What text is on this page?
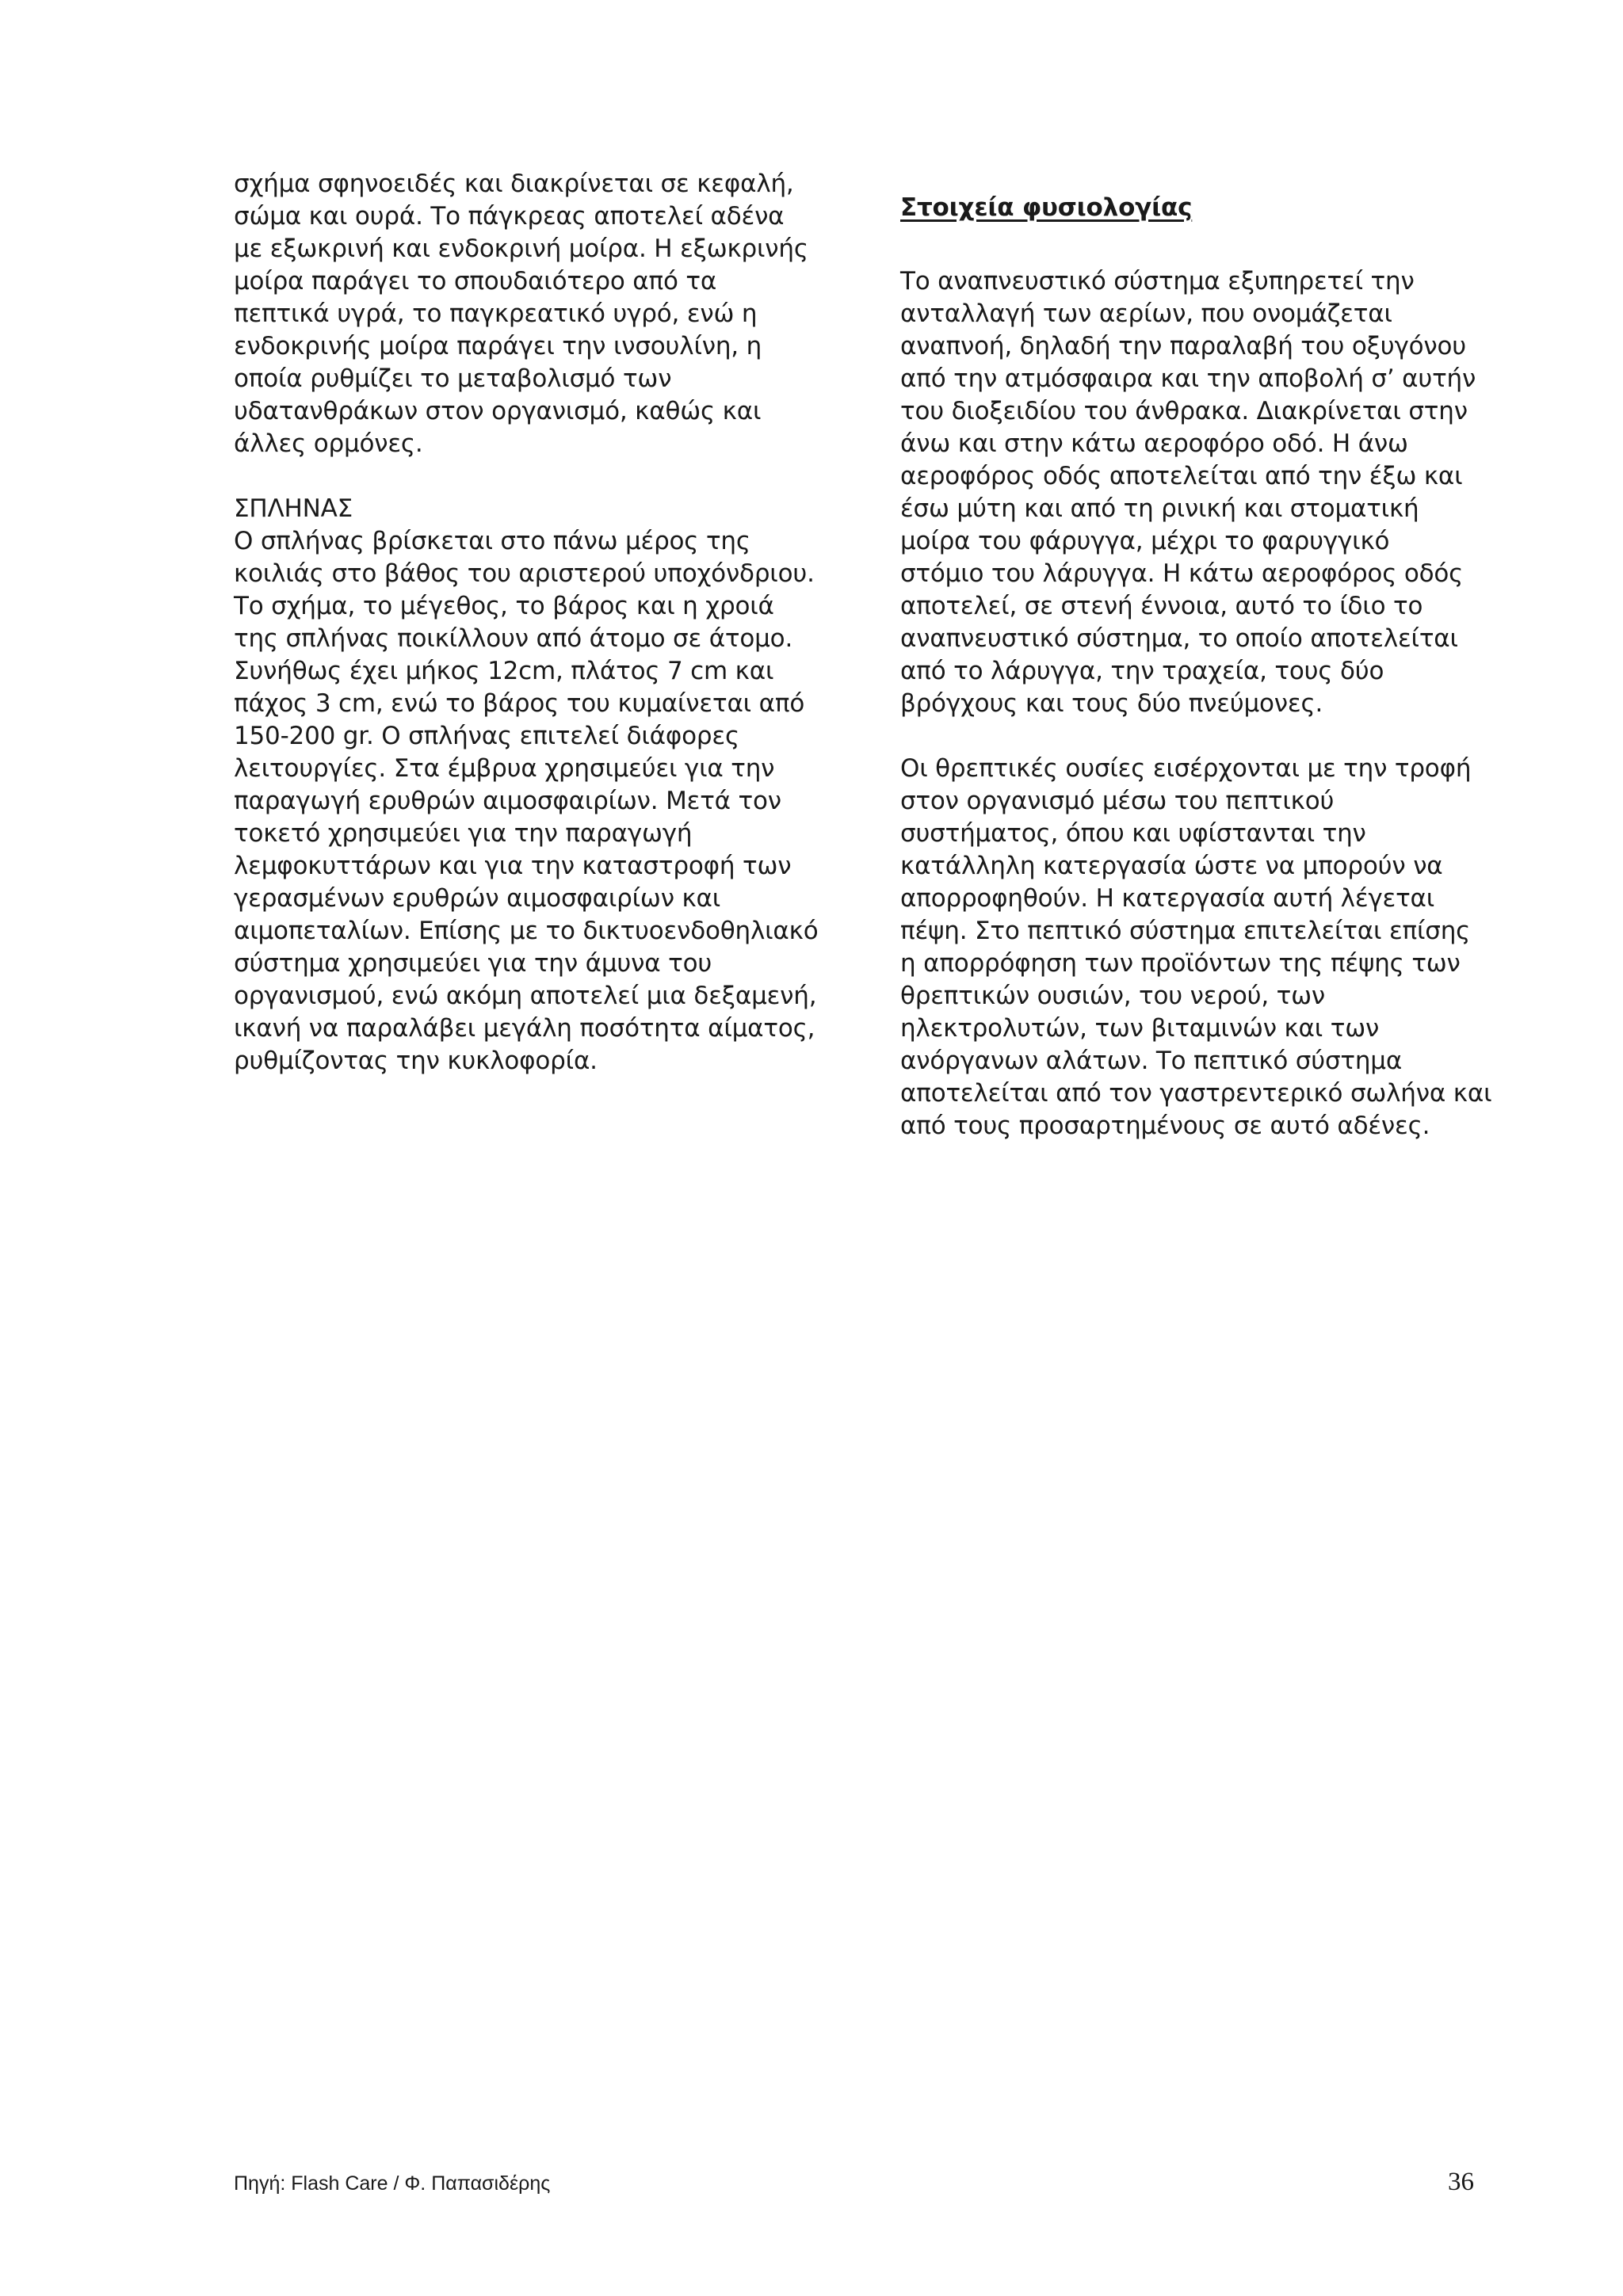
σχήμα σφηνοειδές και διακρίνεται σε κεφαλή,
σώμα και ουρά. Το πάγκρεας αποτελεί αδένα
με εξωκρινή και ενδοκρινή μοίρα. Η εξωκρινής
μοίρα παράγει το σπουδαιότερο από τα
πεπτικά υγρά, το παγκρεατικό υγρό, ενώ η
ενδοκρινής μοίρα παράγει την ινσουλίνη, η
οποία ρυθμίζει το μεταβολισμό των
υδατανθράκων στον οργανισμό, καθώς και
άλλες ορμόνες.
ΣΠΛΗΝΑΣ
Ο σπλήνας βρίσκεται στο πάνω μέρος της
κοιλιάς στο βάθος του αριστερού υποχόνδριου.
Το σχήμα, το μέγεθος, το βάρος και η χροιά
της σπλήνας ποικίλλουν από άτομο σε άτομο.
Συνήθως έχει μήκος 12cm, πλάτος 7 cm και
πάχος 3 cm, ενώ το βάρος του κυμαίνεται από
150-200 gr. Ο σπλήνας επιτελεί διάφορες
λειτουργίες. Στα έμβρυα χρησιμεύει για την
παραγωγή ερυθρών αιμοσφαιρίων. Μετά τον
τοκετό χρησιμεύει για την παραγωγή
λεμφοκυττάρων και για την καταστροφή των
γερασμένων ερυθρών αιμοσφαιρίων και
αιμοπεταλίων. Επίσης με το δικτυοενδοθηλιακό
σύστημα χρησιμεύει για την άμυνα του
οργανισμού, ενώ ακόμη αποτελεί μια δεξαμενή,
ικανή να παραλάβει μεγάλη ποσότητα αίματος,
ρυθμίζοντας την κυκλοφορία.
Στοιχεία φυσιολογίας
Το αναπνευστικό σύστημα εξυπηρετεί την
ανταλλαγή των αερίων, που ονομάζεται
αναπνοή, δηλαδή την παραλαβή του οξυγόνου
από την ατμόσφαιρα και την αποβολή σ’ αυτήν
του διοξειδίου του άνθρακα. Διακρίνεται στην
άνω και στην κάτω αεροφόρο οδό. Η άνω
αεροφόρος οδός αποτελείται από την έξω και
έσω μύτη και από τη ρινική και στοματική
μοίρα του φάρυγγα, μέχρι το φαρυγγικό
στόμιο του λάρυγγα. Η κάτω αεροφόρος οδός
αποτελεί, σε στενή έννοια, αυτό το ίδιο το
αναπνευστικό σύστημα, το οποίο αποτελείται
από το λάρυγγα, την τραχεία, τους δύο
βρόγχους και τους δύο πνεύμονες.
Οι θρεπτικές ουσίες εισέρχονται με την τροφή
στον οργανισμό μέσω του πεπτικού
συστήματος, όπου και υφίστανται την
κατάλληλη κατεργασία ώστε να μπορούν να
απορροφηθούν. Η κατεργασία αυτή λέγεται
πέψη. Στο πεπτικό σύστημα επιτελείται επίσης
η απορρόφηση των προϊόντων της πέψης των
θρεπτικών ουσιών, του νερού, των
ηλεκτρολυτών, των βιταμινών και των
ανόργανων αλάτων. Το πεπτικό σύστημα
αποτελείται από τον γαστρεντερικό σωλήνα και
από τους προσαρτημένους σε αυτό αδένες.
Πηγή: Flash Care / Φ. Παπασιδέρης	36
